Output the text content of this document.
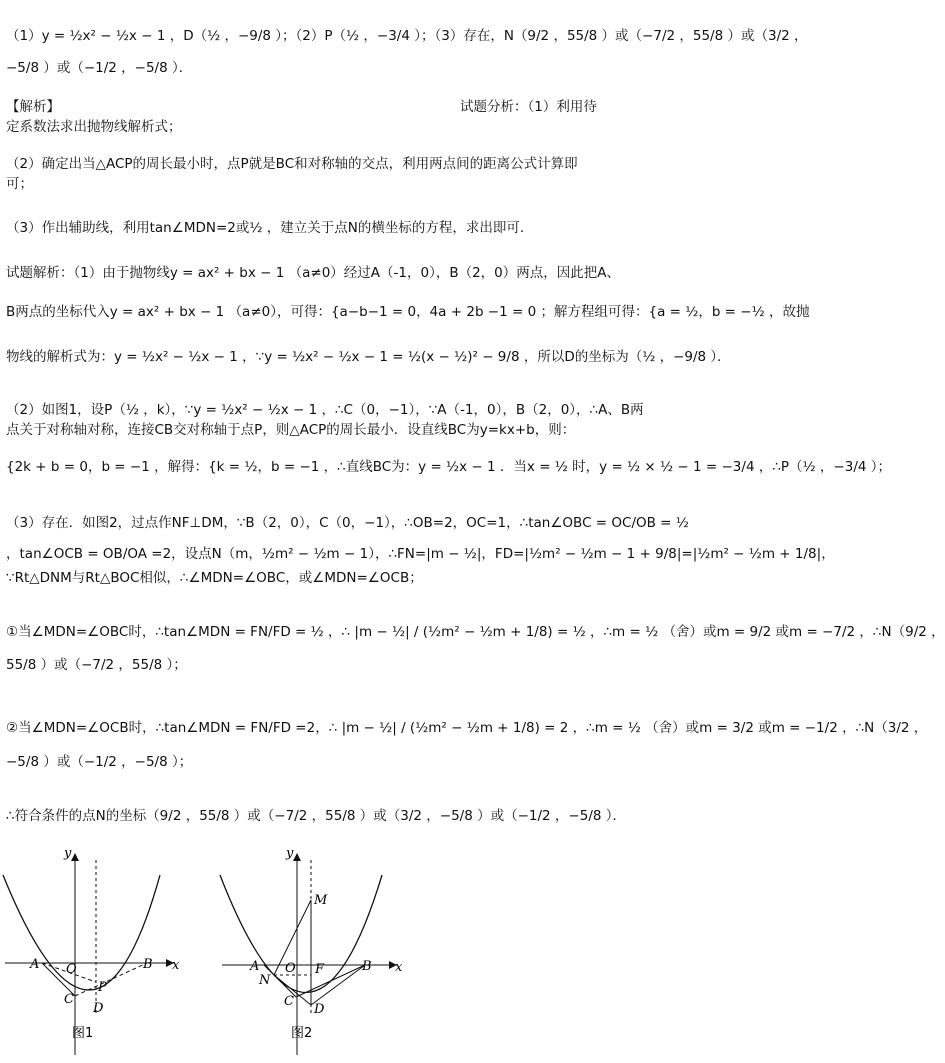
（1）y = ½x² − ½x − 1 ，D（½ ，−9/8 ）；（2）P（½ ，−3/4 ）；（3）存在，N（9/2 ，55/8 ）或（−7/2 ，55/8 ）或（3/2 ，
−5/8 ）或（−1/2 ，−5/8 ）．
【解析】	试题分析：（1）利用待
定系数法求出抛物线解析式；
（2）确定出当△ACP的周长最小时，点P就是BC和对称轴的交点，利用两点间的距离公式计算即
可；
（3）作出辅助线，利用tan∠MDN=2或½ ，建立关于点N的横坐标的方程，求出即可．
试题解析：（1）由于抛物线y = ax² + bx − 1 （a≠0）经过A（-1，0），B（2，0）两点，因此把A、
B两点的坐标代入y = ax² + bx − 1 （a≠0），可得：{a−b−1 = 0，4a + 2b −1 = 0 ；解方程组可得：{a = ½，b = −½ ，故抛
物线的解析式为：y = ½x² − ½x − 1 ，∵y = ½x² − ½x − 1 = ½(x − ½)² − 9/8 ，所以D的坐标为（½ ，−9/8 ）．
（2）如图1，设P（½ ，k），∵y = ½x² − ½x − 1 ，∴C（0，−1），∵A（-1，0），B（2，0），∴A、B两
点关于对称轴对称，连接CB交对称轴于点P，则△ACP的周长最小．设直线BC为y=kx+b，则：
{2k + b = 0，b = −1 ，解得：{k = ½，b = −1 ，∴直线BC为：y = ½x − 1 ．当x = ½ 时，y = ½ × ½ − 1 = −3/4 ，∴P（½ ，−3/4 ）；
（3）存在．如图2，过点作NF⊥DM，∵B（2，0），C（0，−1），∴OB=2，OC=1，∴tan∠OBC = OC/OB = ½
，tan∠OCB = OB/OA =2，设点N（m，½m² − ½m − 1），∴FN=|m − ½|，FD=|½m² − ½m − 1 + 9/8|=|½m² − ½m + 1/8|，
∵Rt△DNM与Rt△BOC相似，∴∠MDN=∠OBC，或∠MDN=∠OCB；
①当∠MDN=∠OBC时，∴tan∠MDN = FN/FD = ½ ，∴ |m − ½| / (½m² − ½m + 1/8) = ½ ，∴m = ½ （舍）或m = 9/2 或m = −7/2 ，∴N（9/2 ，
55/8 ）或（−7/2 ，55/8 ）；
②当∠MDN=∠OCB时，∴tan∠MDN = FN/FD =2，∴ |m − ½| / (½m² − ½m + 1/8) = 2 ，∴m = ½ （舍）或m = 3/2 或m = −1/2 ，∴N（3/2 ，
−5/8 ）或（−1/2 ，−5/8 ）；
∴符合条件的点N的坐标（9/2 ，55/8 ）或（−7/2 ，55/8 ）或（3/2 ，−5/8 ）或（−1/2 ，−5/8 ）．
y
x
A O	B
C
D
P
图1
y
x
A O	B
C
D
N
F
M
图2
